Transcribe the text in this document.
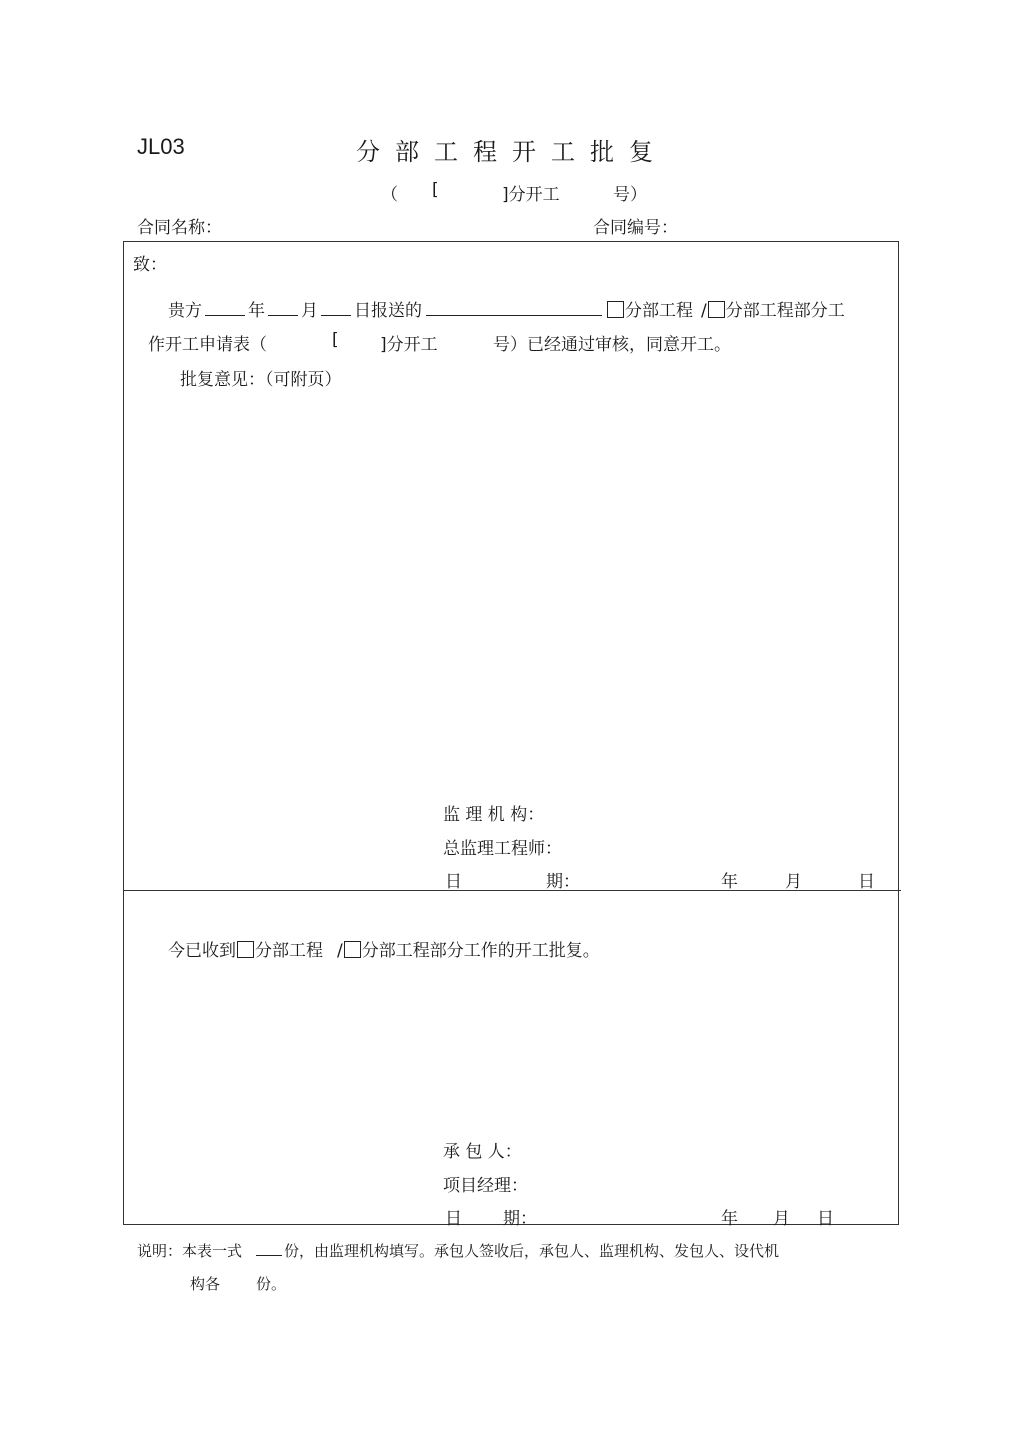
JL03	分部工程开工批复
（ [	]分开工	号）
合同名称：	合同编号：
致：
贵方	年 月 日报送的	分部工程 / 分部工程部分工
作开工申请表（	[ ]分开工	号）已经通过审核，同意开工。
批复意见：（可附页）
监 理 机 构：
总监理工程师：
日	期：	年	月	日
今已收到 分部工程 / 分部工程部分工作的开工批复。
承 包 人：
项目经理：
日 期：	年 月 日
说明：本表一式	份，由监理机构填写。承包人签收后，承包人、监理机构、发包人、设代机
构各 份。
